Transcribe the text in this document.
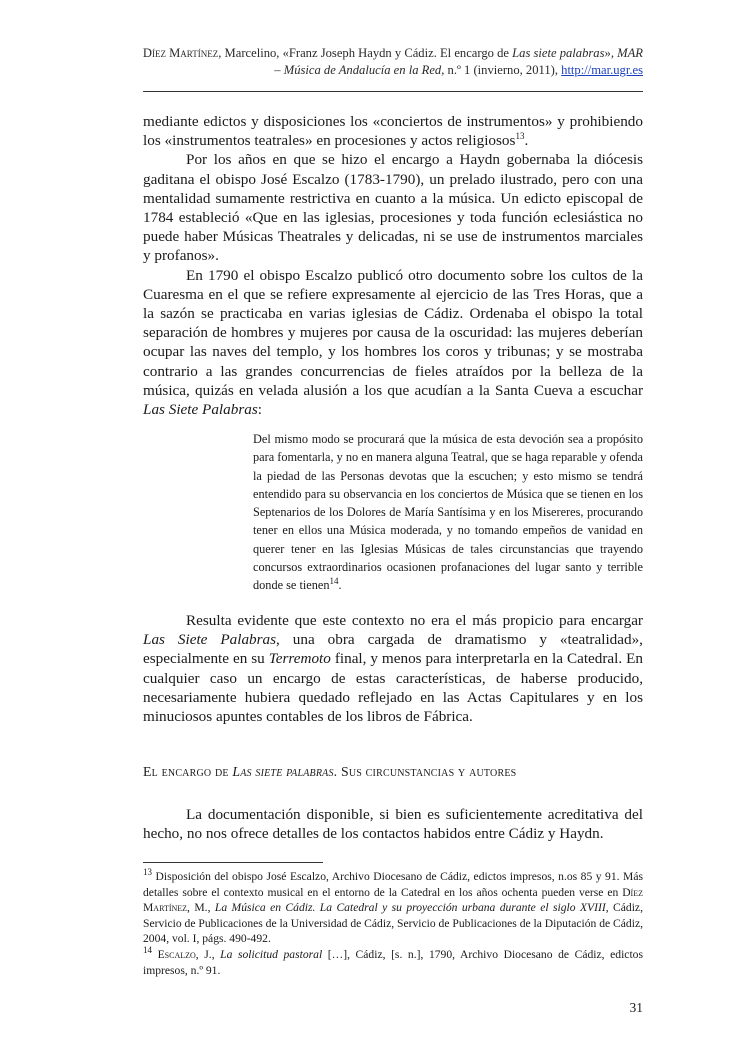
Díez Martínez, Marcelino, «Franz Joseph Haydn y Cádiz. El encargo de Las siete palabras», MAR – Música de Andalucía en la Red, n.º 1 (invierno, 2011), http://mar.ugr.es

mediante edictos y disposiciones los «conciertos de instrumentos» y prohibiendo los «instrumentos teatrales» en procesiones y actos religiosos$^{13}$.

Por los años en que se hizo el encargo a Haydn gobernaba la diócesis gaditana el obispo José Escalzo (1783-1790), un prelado ilustrado, pero con una mentalidad sumamente restrictiva en cuanto a la música. Un edicto episcopal de 1784 estableció «Que en las iglesias, procesiones y toda función eclesiástica no puede haber Músicas Theatrales y delicadas, ni se use de instrumentos marciales y profanos».

En 1790 el obispo Escalzo publicó otro documento sobre los cultos de la Cuaresma en el que se refiere expresamente al ejercicio de las Tres Horas, que a la sazón se practicaba en varias iglesias de Cádiz. Ordenaba el obispo la total separación de hombres y mujeres por causa de la oscuridad: las mujeres deberían ocupar las naves del templo, y los hombres los coros y tribunas; y se mostraba contrario a las grandes concurrencias de fieles atraídos por la belleza de la música, quizás en velada alusión a los que acudían a la Santa Cueva a escuchar Las Siete Palabras:

Del mismo modo se procurará que la música de esta devoción sea a propósito para fomentarla, y no en manera alguna Teatral, que se haga reparable y ofenda la piedad de las Personas devotas que la escuchen; y esto mismo se tendrá entendido para su observancia en los conciertos de Música que se tienen en los Septenarios de los Dolores de María Santísima y en los Misereres, procurando tener en ellos una Música moderada, y no tomando empeños de vanidad en querer tener en las Iglesias Músicas de tales circunstancias que trayendo concursos extraordinarios ocasionen profanaciones del lugar santo y terrible donde se tienen$^{14}$.

Resulta evidente que este contexto no era el más propicio para encargar Las Siete Palabras, una obra cargada de dramatismo y «teatralidad», especialmente en su Terremoto final, y menos para interpretarla en la Catedral. En cualquier caso un encargo de estas características, de haberse producido, necesariamente hubiera quedado reflejado en las Actas Capitulares y en los minuciosos apuntes contables de los libros de Fábrica.

El encargo de Las siete palabras. Sus circunstancias y autores

La documentación disponible, si bien es suficientemente acreditativa del hecho, no nos ofrece detalles de los contactos habidos entre Cádiz y Haydn.

$^{13}$ Disposición del obispo José Escalzo, Archivo Diocesano de Cádiz, edictos impresos, n.os 85 y 91. Más detalles sobre el contexto musical en el entorno de la Catedral en los años ochenta pueden verse en Díez Martínez, M., La Música en Cádiz. La Catedral y su proyección urbana durante el siglo XVIII, Cádiz, Servicio de Publicaciones de la Universidad de Cádiz, Servicio de Publicaciones de la Diputación de Cádiz, 2004, vol. I, págs. 490-492.

$^{14}$ Escalzo, J., La solicitud pastoral […], Cádiz, [s. n.], 1790, Archivo Diocesano de Cádiz, edictos impresos, n.º 91.

31
